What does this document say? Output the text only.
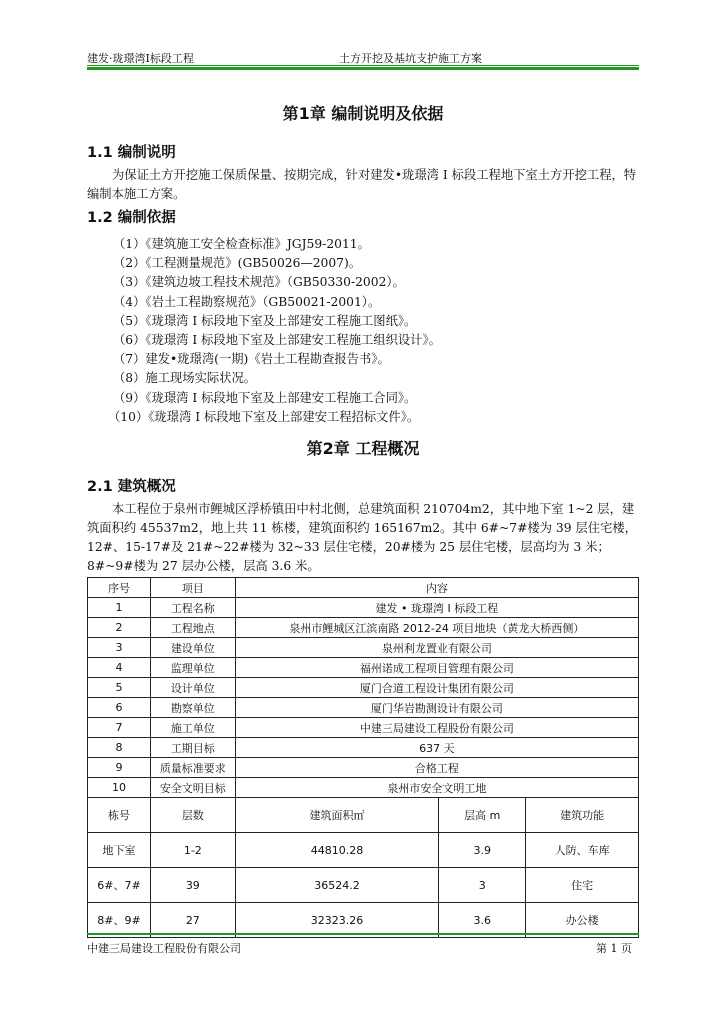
建发·珑璟湾I标段工程	土方开挖及基坑支护施工方案
第1章 编制说明及依据
1.1 编制说明

为保证土方开挖施工保质保量、按期完成，针对建发•珑璟湾 I 标段工程地下室土方开挖工程，特编制本施工方案。

1.2 编制依据
（1）《建筑施工安全检查标准》JGJ59-2011。
（2）《工程测量规范》(GB50026—2007)。
（3）《建筑边坡工程技术规范》（GB50330-2002）。
（4）《岩土工程勘察规范》（GB50021-2001）。
（5）《珑璟湾 I 标段地下室及上部建安工程施工图纸》。
（6）《珑璟湾 I 标段地下室及上部建安工程施工组织设计》。
（7）建发•珑璟湾(一期)《岩土工程勘查报告书》。
（8）施工现场实际状况。
（9）《珑璟湾 I 标段地下室及上部建安工程施工合同》。
（10）《珑璟湾 I 标段地下室及上部建安工程招标文件》。
第2章 工程概况
2.1 建筑概况

本工程位于泉州市鲤城区浮桥镇田中村北侧，总建筑面积 210704m2，其中地下室 1~2 层，建筑面积约 45537m2，地上共 11 栋楼，建筑面积约 165167m2。其中 6#~7#楼为 39 层住宅楼，12#、15-17#及 21#~22#楼为 32~33 层住宅楼，20#楼为 25 层住宅楼，层高均为 3 米；8#~9#楼为 27 层办公楼，层高 3.6 米。

序号	项目	内容		
1	工程名称	建发 • 珑璟湾 I 标段工程		
2	工程地点	泉州市鲤城区江滨南路 2012-24 项目地块（黄龙大桥西侧）		
3	建设单位	泉州利龙置业有限公司		
4	监理单位	福州诺成工程项目管理有限公司		
5	设计单位	厦门合道工程设计集团有限公司		
6	勘察单位	厦门华岩勘测设计有限公司		
7	施工单位	中建三局建设工程股份有限公司		
8	工期目标	637 天		
9	质量标准要求	合格工程		
10	安全文明目标	泉州市安全文明工地		
栋号	层数	建筑面积㎡	层高 m	建筑功能
地下室	1-2	44810.28	3.9	人防、车库
6#、7#	39	36524.2	3	住宅
8#、9#	27	32323.26	3.6	办公楼
中建三局建设工程股份有限公司	第 1 页
